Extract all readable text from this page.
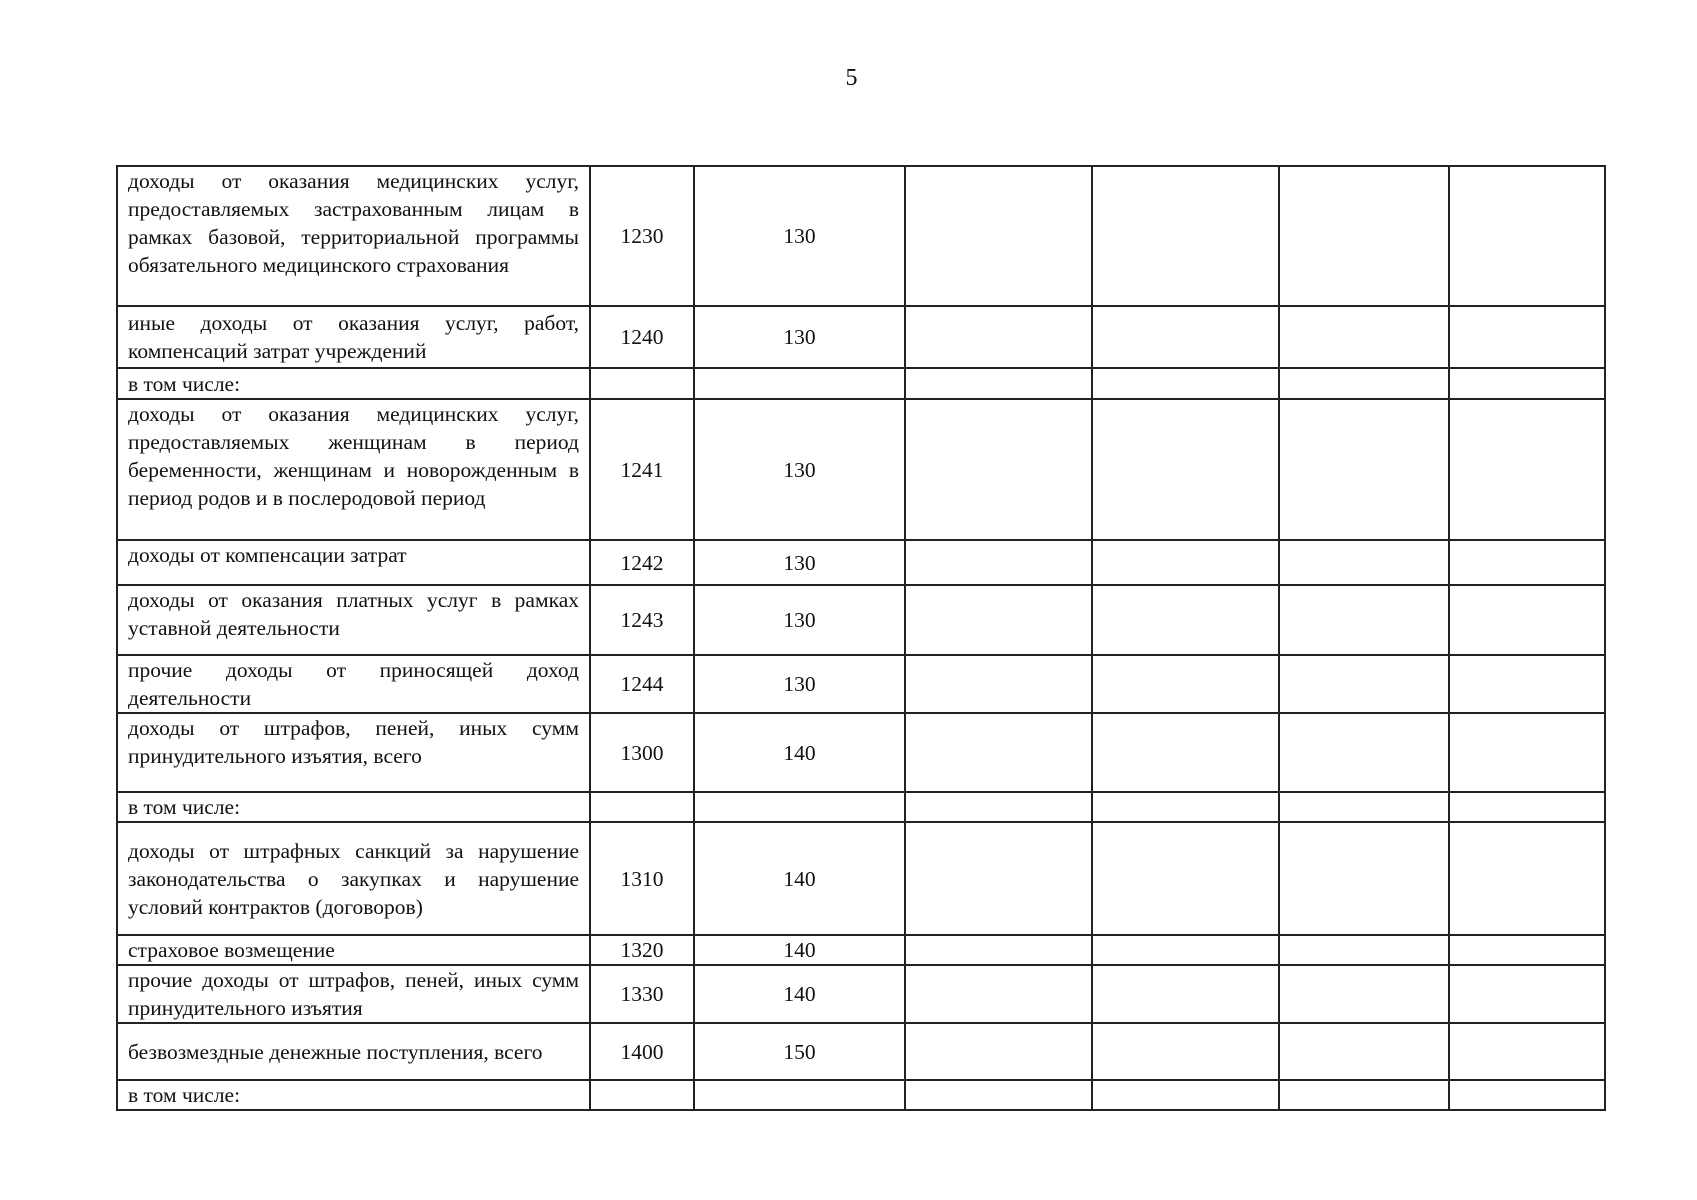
5
доходы от оказания медицинских услуг, предоставляемых застрахованным лицам в рамках базовой, территориальной программы обязательного медицинского страхования	1230	130				
иные доходы от оказания услуг, работ, компенсаций затрат учреждений	1240	130				
в том числе:						
доходы от оказания медицинских услуг, предоставляемых женщинам в период беременности, женщинам и новорожденным в период родов и в послеродовой период	1241	130				
доходы от компенсации затрат	1242	130				
доходы от оказания платных услуг в рамках уставной деятельности	1243	130				
прочие доходы от приносящей доход деятельности	1244	130				
доходы от штрафов, пеней, иных сумм принудительного изъятия, всего	1300	140				
в том числе:						
доходы от штрафных санкций за нарушение законодательства о закупках и нарушение условий контрактов (договоров)	1310	140				
страховое возмещение	1320	140				
прочие доходы от штрафов, пеней, иных сумм принудительного изъятия	1330	140				
безвозмездные денежные поступления, всего	1400	150				
в том числе:						
